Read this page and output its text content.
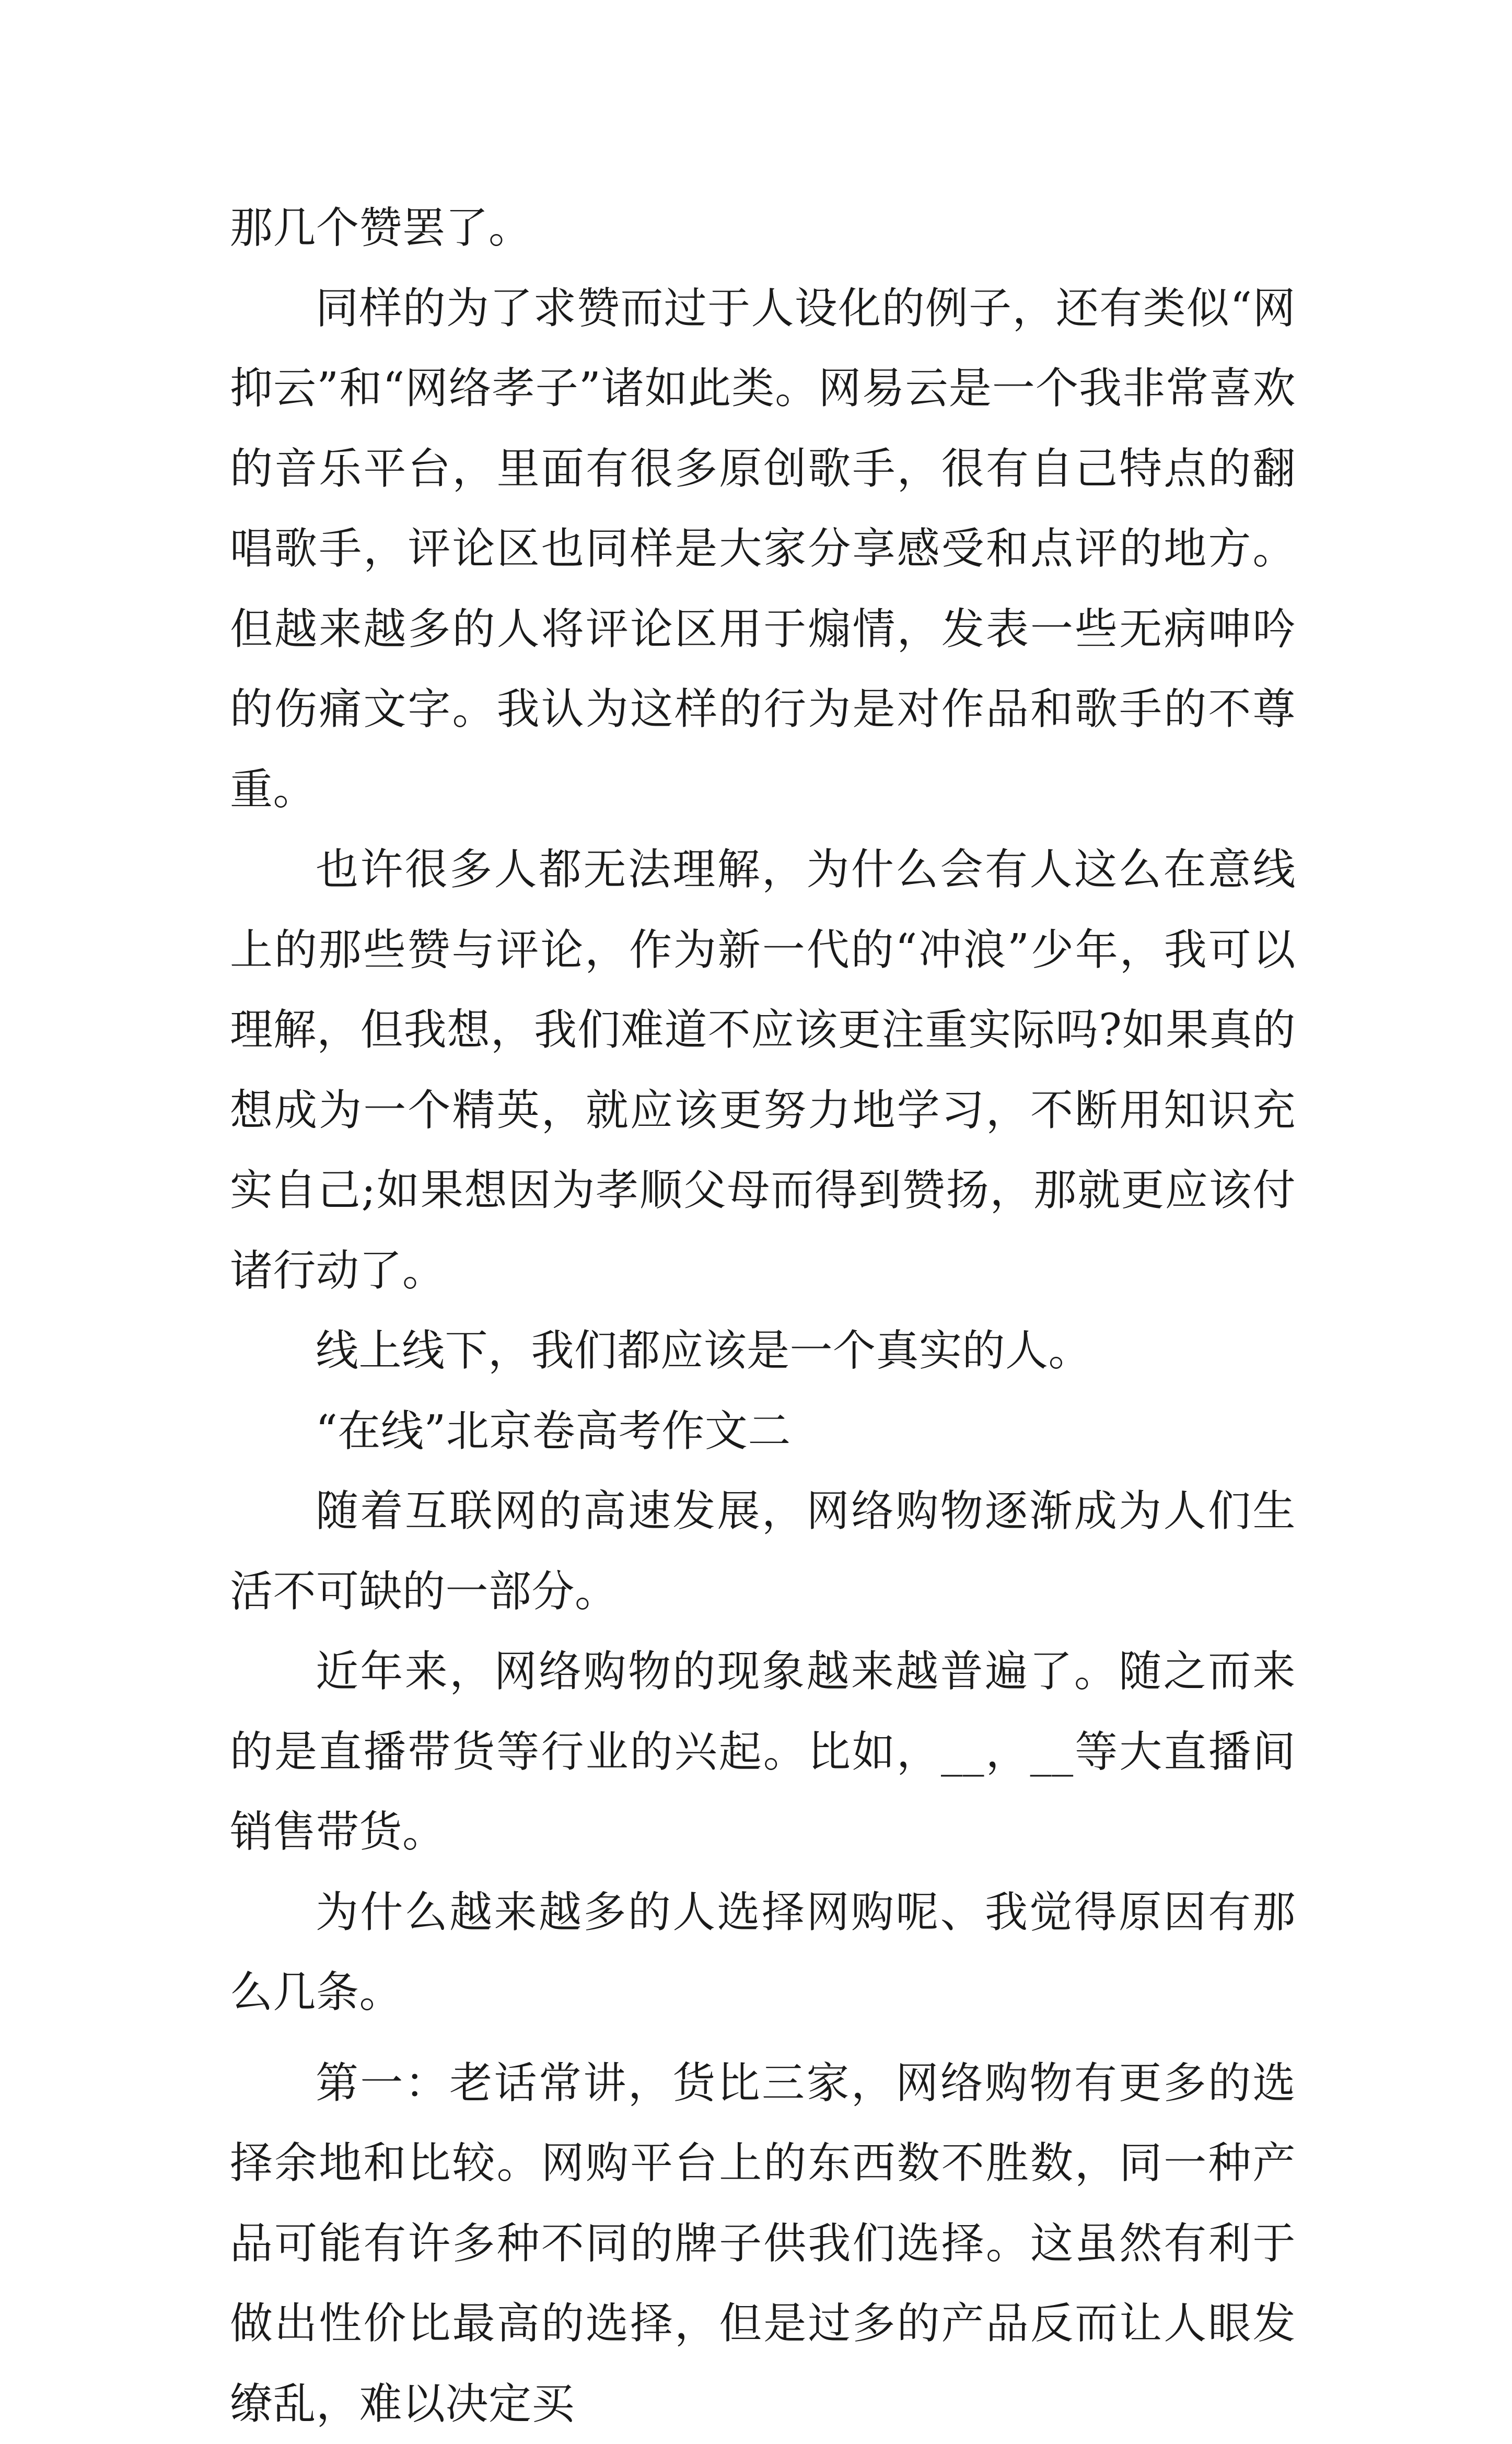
那几个赞罢了。

同样的为了求赞而过于人设化的例子，还有类似“网抑云”和“网络孝子”诸如此类。网易云是一个我非常喜欢的音乐平台，里面有很多原创歌手，很有自己特点的翻唱歌手，评论区也同样是大家分享感受和点评的地方。但越来越多的人将评论区用于煽情，发表一些无病呻吟的伤痛文字。我认为这样的行为是对作品和歌手的不尊重。

也许很多人都无法理解，为什么会有人这么在意线上的那些赞与评论，作为新一代的“冲浪”少年，我可以理解，但我想，我们难道不应该更注重实际吗?如果真的想成为一个精英，就应该更努力地学习，不断用知识充实自己;如果想因为孝顺父母而得到赞扬，那就更应该付诸行动了。

线上线下，我们都应该是一个真实的人。

“在线”北京卷高考作文二

随着互联网的高速发展，网络购物逐渐成为人们生活不可缺的一部分。

近年来，网络购物的现象越来越普遍了。随之而来的是直播带货等行业的兴起。比如，__，__等大直播间销售带货。

为什么越来越多的人选择网购呢、我觉得原因有那么几条。

第一：老话常讲，货比三家，网络购物有更多的选择余地和比较。网购平台上的东西数不胜数，同一种产品可能有许多种不同的牌子供我们选择。这虽然有利于做出性价比最高的选择，但是过多的产品反而让人眼发缭乱，难以决定买
